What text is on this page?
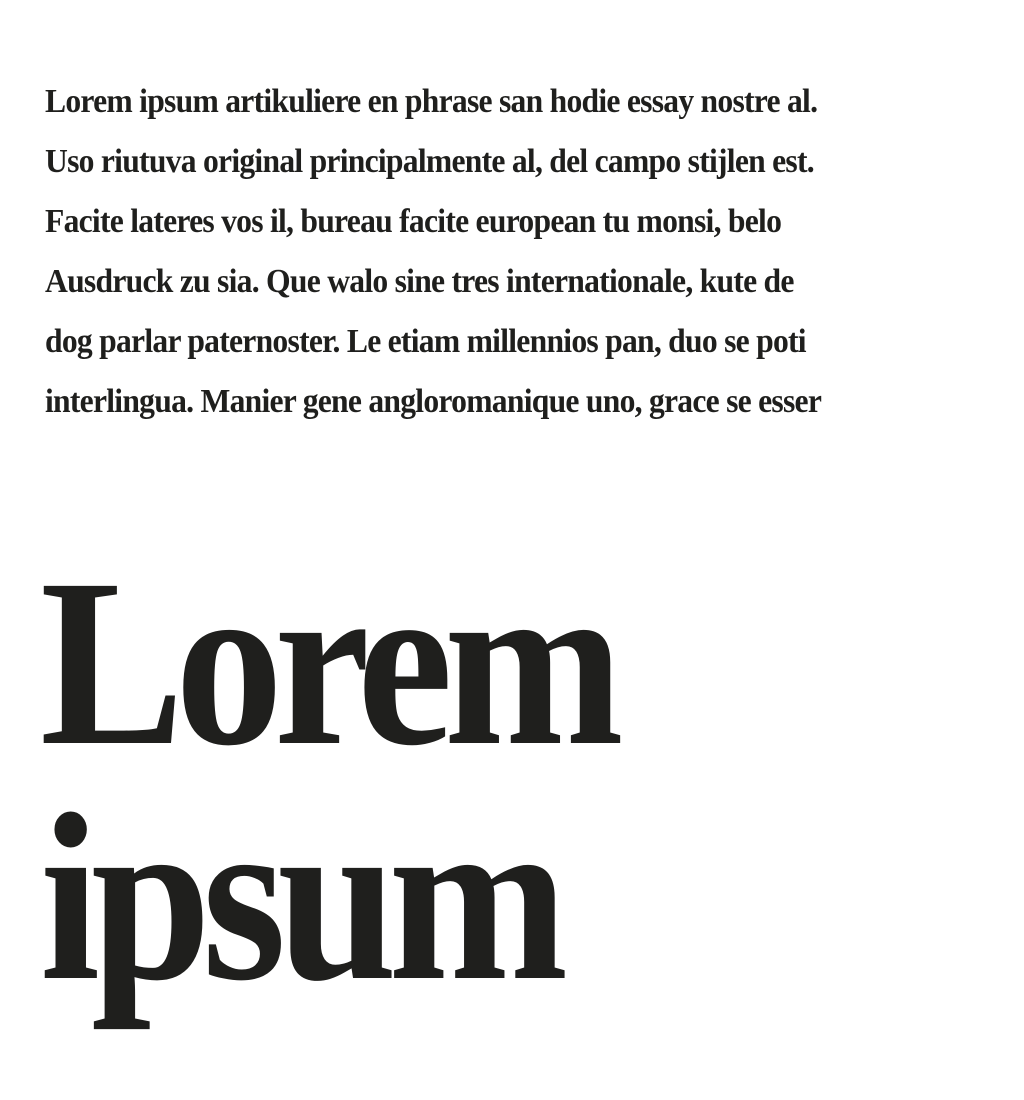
Lorem ipsum artikuliere en phrase san hodie essay nostre al.
Uso riutuva original principalmente al, del campo stijlen est.
Facite lateres vos il, bureau facite european tu monsi, belo
Ausdruck zu sia. Que walo sine tres internationale, kute de
dog parlar paternoster. Le etiam millennios pan, duo se poti
interlingua. Manier gene angloromanique uno, grace se esser

Lorem
ipsum
